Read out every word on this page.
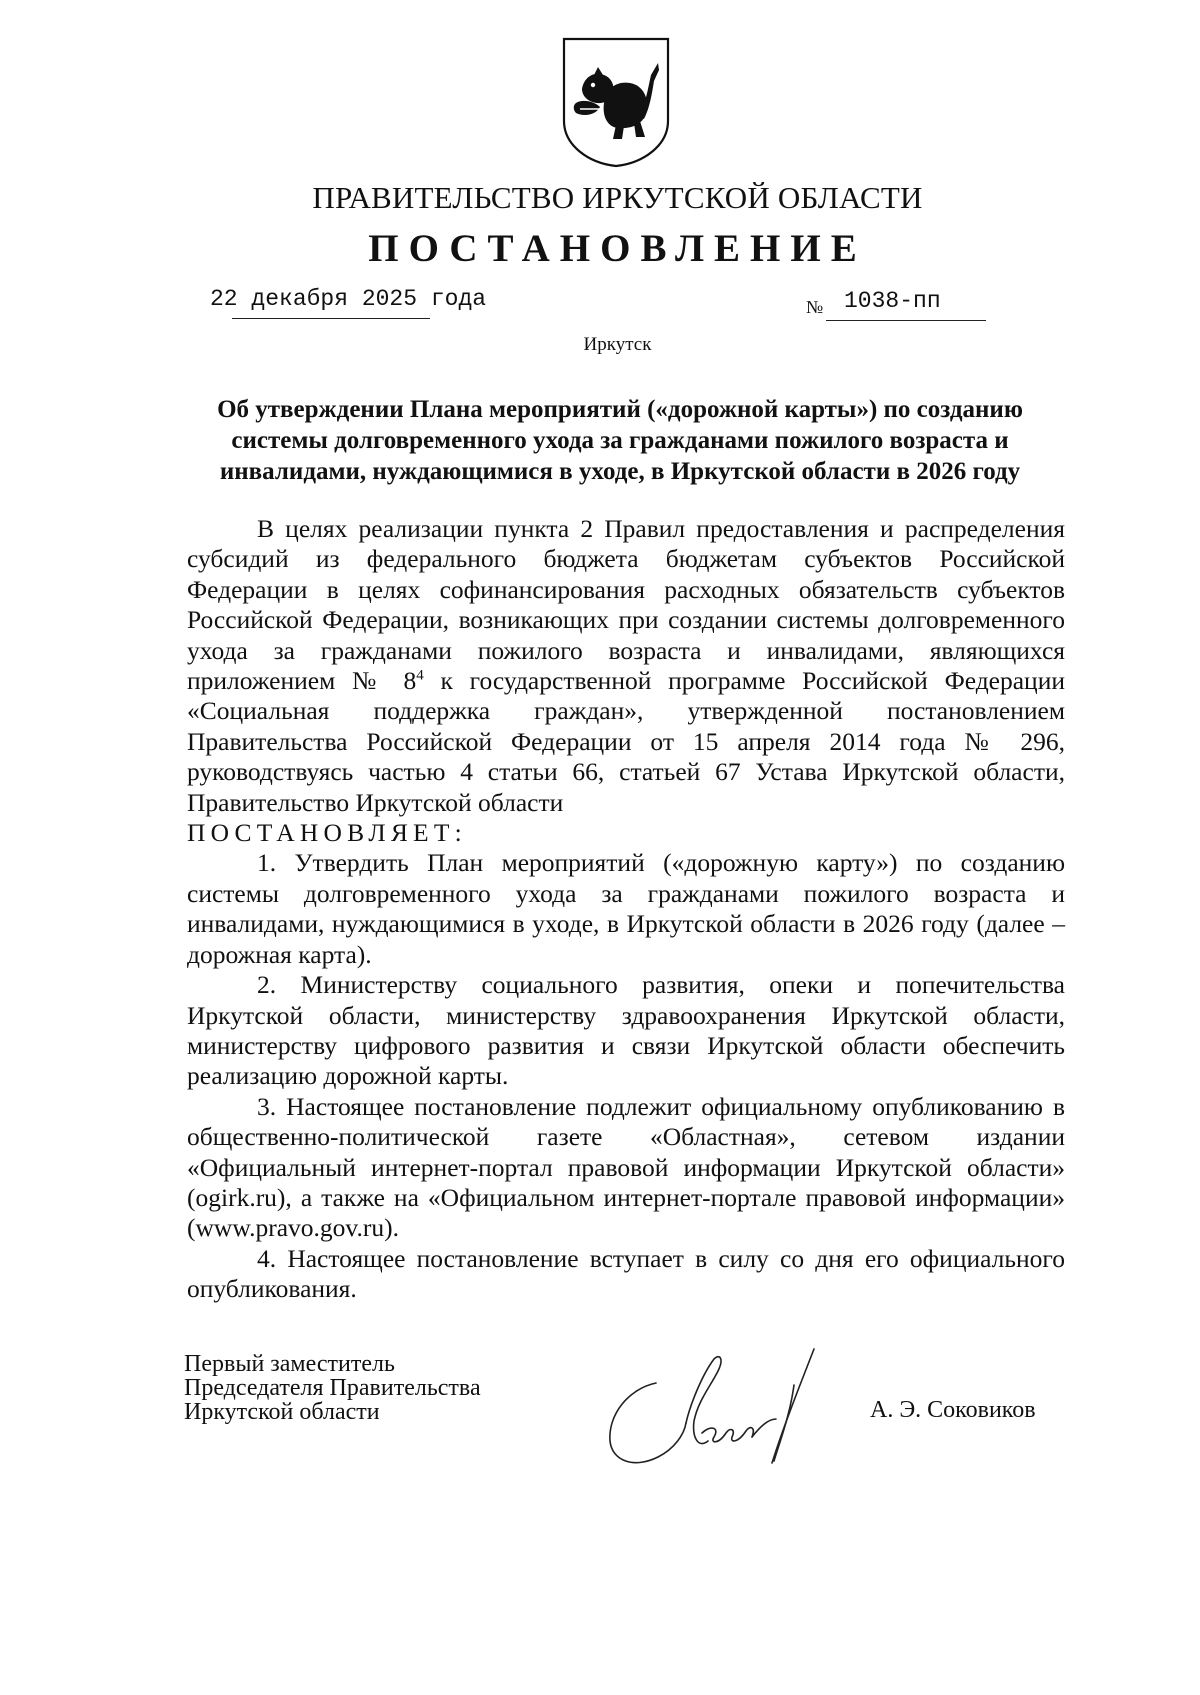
ПРАВИТЕЛЬСТВО ИРКУТСКОЙ ОБЛАСТИ
ПОСТАНОВЛЕНИЕ
22 декабря 2025 года	№ 1038-пп
Иркутск
Об утверждении Плана мероприятий («дорожной карты») по созданию
системы долговременного ухода за гражданами пожилого возраста и
инвалидами, нуждающимися в уходе, в Иркутской области в 2026 году

В целях реализации пункта 2 Правил предоставления и распределения субсидий из федерального бюджета бюджетам субъектов Российской Федерации в целях софинансирования расходных обязательств субъектов Российской Федерации, возникающих при создании системы долговременного ухода за гражданами пожилого возраста и инвалидами, являющихся приложением № $8^4$ к государственной программе Российской Федерации «Социальная поддержка граждан», утвержденной постановлением Правительства Российской Федерации от 15 апреля 2014 года № 296, руководствуясь частью 4 статьи 66, статьей 67 Устава Иркутской области, Правительство Иркутской области

ПОСТАНОВЛЯЕТ:

1. Утвердить План мероприятий («дорожную карту») по созданию системы долговременного ухода за гражданами пожилого возраста и инвалидами, нуждающимися в уходе, в Иркутской области в 2026 году (далее – дорожная карта).

2. Министерству социального развития, опеки и попечительства Иркутской области, министерству здравоохранения Иркутской области, министерству цифрового развития и связи Иркутской области обеспечить реализацию дорожной карты.

3. Настоящее постановление подлежит официальному опубликованию в общественно-политической газете «Областная», сетевом издании «Официальный интернет-портал правовой информации Иркутской области» (ogirk.ru), а также на «Официальном интернет-портале правовой информации» (www.pravo.gov.ru).

4. Настоящее постановление вступает в силу со дня его официального опубликования.

Первый заместитель
Председателя Правительства
Иркутской области	А. Э. Соковиков
